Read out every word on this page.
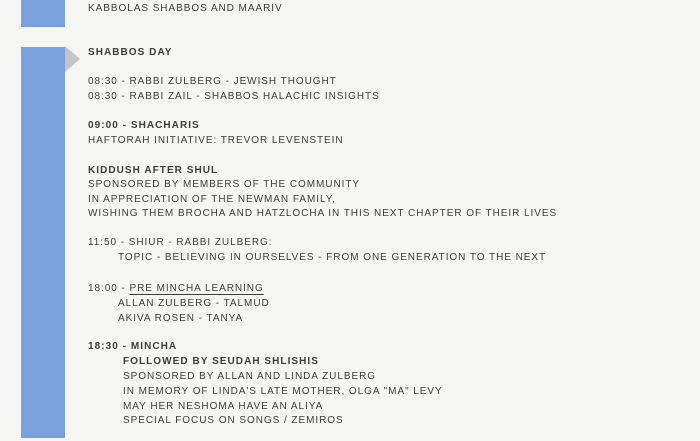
KABBOLAS SHABBOS AND MAARIV
SHABBOS DAY
08:30 - RABBI ZULBERG - JEWISH THOUGHT
08:30 - RABBI ZAIL - SHABBOS HALACHIC INSIGHTS
09:00 - SHACHARIS
HAFTORAH INITIATIVE: TREVOR LEVENSTEIN
KIDDUSH AFTER SHUL
SPONSORED BY MEMBERS OF THE COMMUNITY
IN APPRECIATION OF THE NEWMAN FAMILY,
WISHING THEM BROCHA AND HATZLOCHA IN THIS NEXT CHAPTER OF THEIR LIVES
11:50 - SHIUR - RABBI ZULBERG:
TOPIC - BELIEVING IN OURSELVES - FROM ONE GENERATION TO THE NEXT
18:00 - PRE MINCHA LEARNING
ALLAN ZULBERG - TALMUD
AKIVA ROSEN - TANYA
18:30 - MINCHA
FOLLOWED BY SEUDAH SHLISHIS
SPONSORED BY ALLAN AND LINDA ZULBERG
IN MEMORY OF LINDA'S LATE MOTHER, OLGA "MA" LEVY
MAY HER NESHOMA HAVE AN ALIYA
SPECIAL FOCUS ON SONGS / ZEMIROS
